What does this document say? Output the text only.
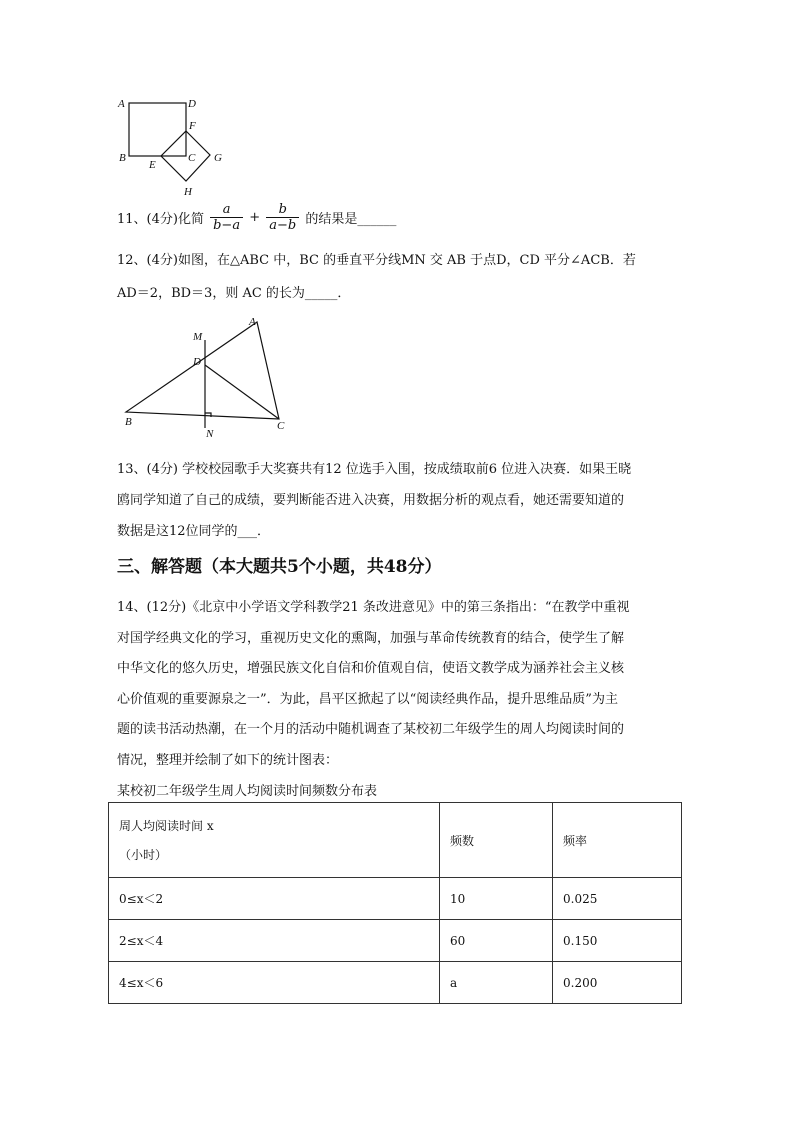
A	D
F
B
E
C G
H
11、(4分)化简 $\frac{a}{b-a} + \frac{b}{a-b}$ 的结果是______
12、(4分)如图，在△ABC 中，BC 的垂直平分线MN 交 AB 于点D，CD 平分∠ACB．若
AD＝2，BD＝3，则 AC 的长为_____．
M
A
D
B
N
C
13、(4分) 学校校园歌手大奖赛共有12 位选手入围，按成绩取前6 位进入决赛．如果王晓
鸥同学知道了自己的成绩，要判断能否进入决赛，用数据分析的观点看，她还需要知道的
数据是这12位同学的___．
三、解答题（本大题共5个小题，共48分）
14、(12分)《北京中小学语文学科教学21 条改进意见》中的第三条指出：“在教学中重视
对国学经典文化的学习，重视历史文化的熏陶，加强与革命传统教育的结合，使学生了解
中华文化的悠久历史，增强民族文化自信和价值观自信，使语文教学成为涵养社会主义核
心价值观的重要源泉之一”．为此，昌平区掀起了以“阅读经典作品，提升思维品质”为主
题的读书活动热潮，在一个月的活动中随机调查了某校初二年级学生的周人均阅读时间的
情况，整理并绘制了如下的统计图表：
某校初二年级学生周人均阅读时间频数分布表
周人均阅读时间 x
（小时）	频数	频率
0≤x＜2	10	0.025
2≤x＜4	60	0.150
4≤x＜6	a	0.200
